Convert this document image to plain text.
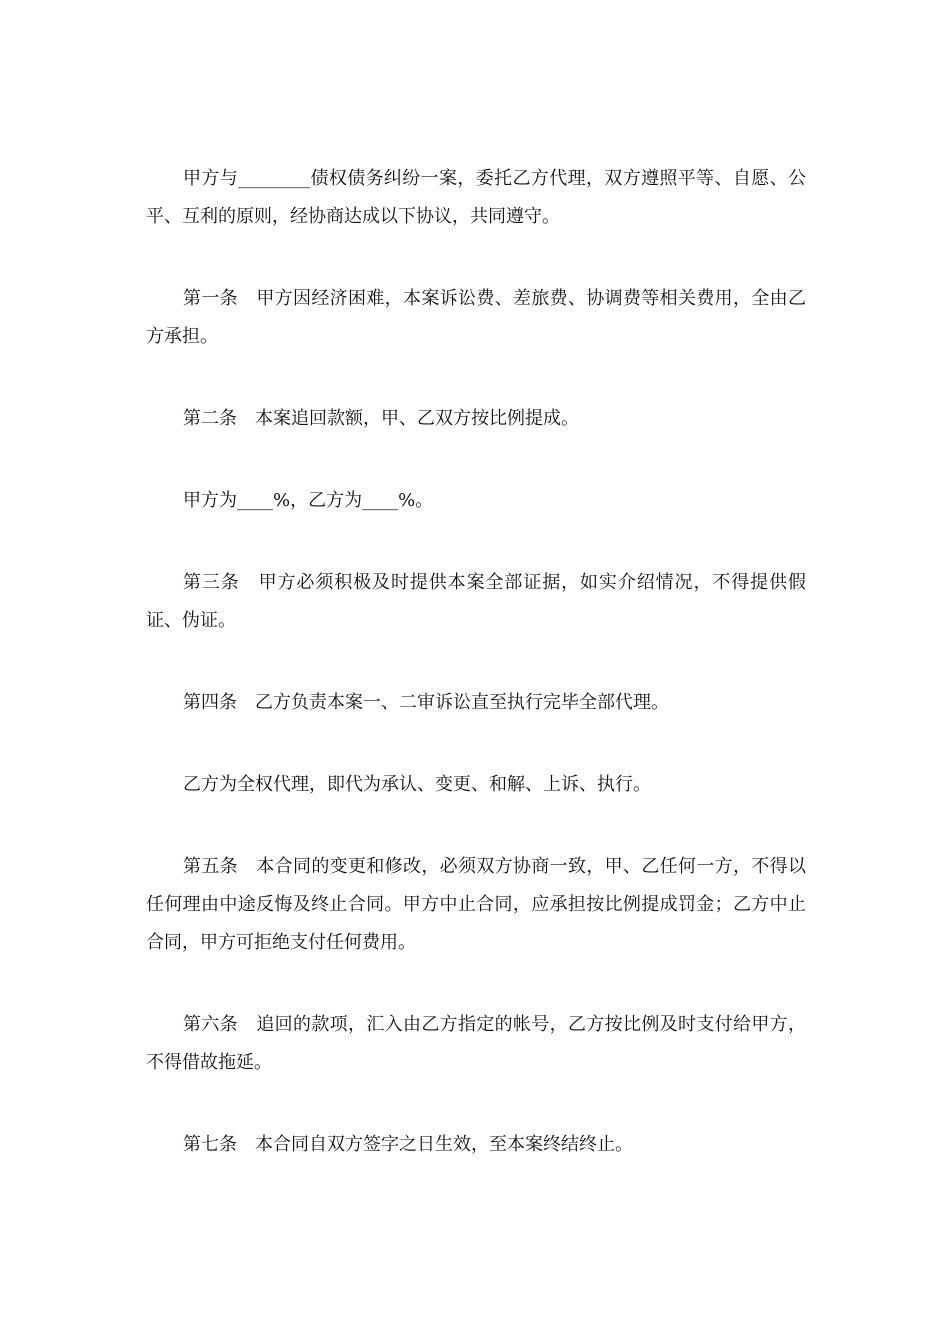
甲方与________债权债务纠纷一案，委托乙方代理，双方遵照平等、自愿、公平、互利的原则，经协商达成以下协议，共同遵守。

第一条　甲方因经济困难，本案诉讼费、差旅费、协调费等相关费用，全由乙方承担。

第二条　本案追回款额，甲、乙双方按比例提成。

甲方为____%，乙方为____%。

第三条　甲方必须积极及时提供本案全部证据，如实介绍情况，不得提供假证、伪证。

第四条　乙方负责本案一、二审诉讼直至执行完毕全部代理。

乙方为全权代理，即代为承认、变更、和解、上诉、执行。

第五条　本合同的变更和修改，必须双方协商一致，甲、乙任何一方，不得以任何理由中途反悔及终止合同。甲方中止合同，应承担按比例提成罚金；乙方中止合同，甲方可拒绝支付任何费用。

第六条　追回的款项，汇入由乙方指定的帐号，乙方按比例及时支付给甲方，不得借故拖延。

第七条　本合同自双方签字之日生效，至本案终结终止。
